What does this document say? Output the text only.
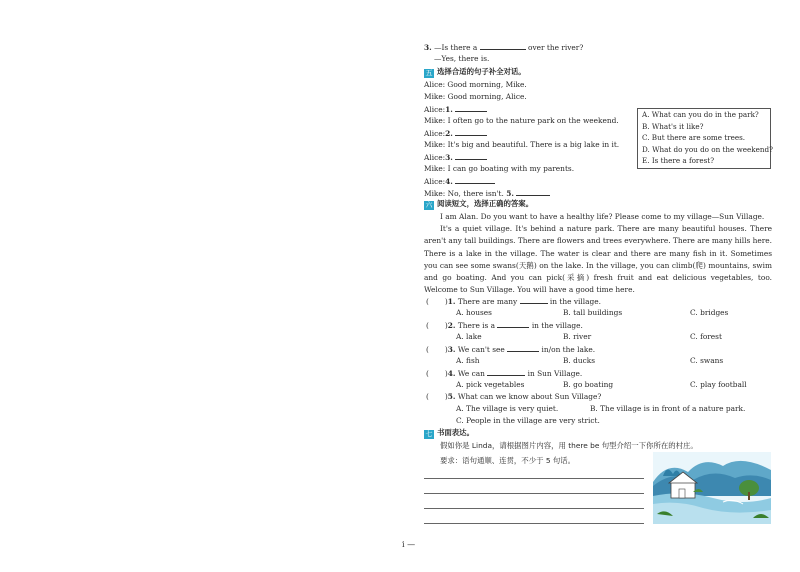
3. —Is there a	over the river?
—Yes, there is.
五 选择合适的句子补全对话。
Alice: Good morning, Mike.
Mike: Good morning, Alice.
Alice:1.
Mike: I often go to the nature park on the weekend.
Alice:2.
Mike: It's big and beautiful. There is a big lake in it.
Alice:3.
Mike: I can go boating with my parents.
Alice:4.
Mike: No, there isn't. 5.
A. What can you do in the park?
B. What's it like?
C. But there are some trees.
D. What do you do on the weekend?
E. Is there a forest?
六 阅读短文，选择正确的答案。

I am Alan. Do you want to have a healthy life? Please come to my village—Sun Village.

It's a quiet village. It's behind a nature park. There are many beautiful houses. There aren't any tall buildings. There are flowers and trees everywhere. There are many hills here. There is a lake in the village. The water is clear and there are many fish in it. Sometimes you can see some swans(天鹅) on the lake. In the village, you can climb(爬) mountains, swim and go boating. And you can pick(采摘) fresh fruit and eat delicious vegetables, too. Welcome to Sun Village. You will have a good time here.

( )1. There are many	in the village.
A. houses	B. tall buildings	C. bridges
( )2. There is a	in the village.
A. lake	B. river	C. forest
( )3. We can't see	in/on the lake.
A. fish	B. ducks	C. swans
( )4. We can	in Sun Village.
A. pick vegetables	B. go boating	C. play football
( )5. What can we know about Sun Village?
A. The village is very quiet.	B. The village is in front of a nature park.
C. People in the village are very strict.
七 书面表达。
假如你是 Linda，请根据图片内容，用 there be 句型介绍一下你所在的村庄。
要求：语句通顺、连贯，不少于 5 句话。
i —
